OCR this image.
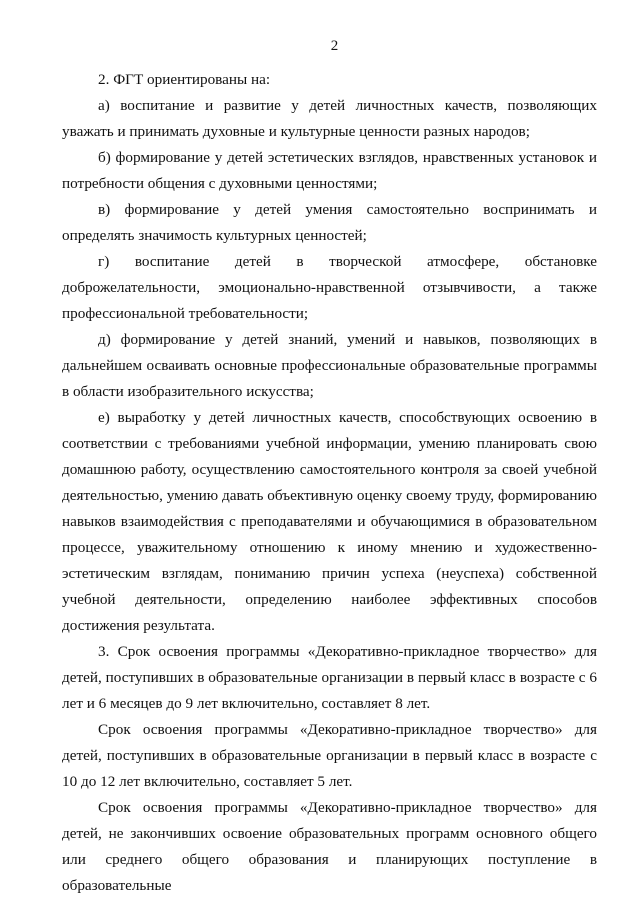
2

2. ФГТ ориентированы на:

а) воспитание и развитие у детей личностных качеств, позволяющих уважать и принимать духовные и культурные ценности разных народов;

б) формирование у детей эстетических взглядов, нравственных установок и потребности общения с духовными ценностями;

в) формирование у детей умения самостоятельно воспринимать и определять значимость культурных ценностей;

г) воспитание детей в творческой атмосфере, обстановке доброжелательности, эмоционально-нравственной отзывчивости, а также профессиональной требовательности;

д) формирование у детей знаний, умений и навыков, позволяющих в дальнейшем осваивать основные профессиональные образовательные программы в области изобразительного искусства;

е) выработку у детей личностных качеств, способствующих освоению в соответствии с требованиями учебной информации, умению планировать свою домашнюю работу, осуществлению самостоятельного контроля за своей учебной деятельностью, умению давать объективную оценку своему труду, формированию навыков взаимодействия с преподавателями и обучающимися в образовательном процессе, уважительному отношению к иному мнению и художественно-эстетическим взглядам, пониманию причин успеха (неуспеха) собственной учебной деятельности, определению наиболее эффективных способов достижения результата.

3. Срок освоения программы «Декоративно-прикладное творчество» для детей, поступивших в образовательные организации в первый класс в возрасте с 6 лет и 6 месяцев до 9 лет включительно, составляет 8 лет.

Срок освоения программы «Декоративно-прикладное творчество» для детей, поступивших в образовательные организации в первый класс в возрасте с 10 до 12 лет включительно, составляет 5 лет.

Срок освоения программы «Декоративно-прикладное творчество» для детей, не закончивших освоение образовательных программ основного общего или среднего общего образования и планирующих поступление в образовательные
